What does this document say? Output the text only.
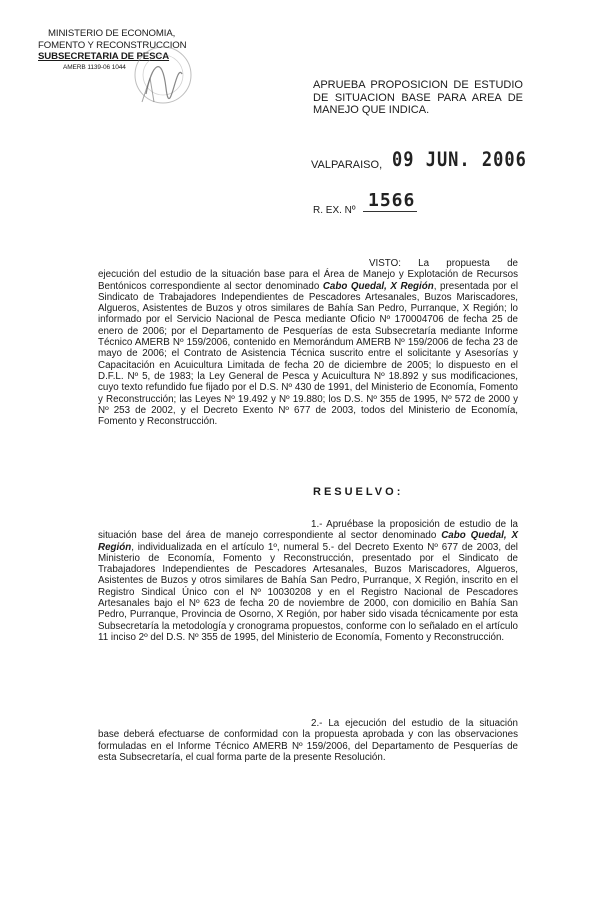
MINISTERIO DE ECONOMIA,
FOMENTO Y RECONSTRUCCION
SUBSECRETARIA DE PESCA
AMERB 1139-06 1044
APRUEBA PROPOSICION DE ESTUDIO DE SITUACION BASE PARA AREA DE MANEJO QUE INDICA.
VALPARAISO, 09 JUN. 2006
R. EX. Nº 1566
VISTO: La propuesta de ejecución del estudio de la situación base para el Área de Manejo y Explotación de Recursos Bentónicos correspondiente al sector denominado Cabo Quedal, X Región, presentada por el Sindicato de Trabajadores Independientes de Pescadores Artesanales, Buzos Mariscadores, Algueros, Asistentes de Buzos y otros similares de Bahía San Pedro, Purranque, X Región; lo informado por el Servicio Nacional de Pesca mediante Oficio Nº 170004706 de fecha 25 de enero de 2006; por el Departamento de Pesquerías de esta Subsecretaría mediante Informe Técnico AMERB Nº 159/2006, contenido en Memorándum AMERB Nº 159/2006 de fecha 23 de mayo de 2006; el Contrato de Asistencia Técnica suscrito entre el solicitante y Asesorías y Capacitación en Acuicultura Limitada de fecha 20 de diciembre de 2005; lo dispuesto en el D.F.L. Nº 5, de 1983; la Ley General de Pesca y Acuicultura Nº 18.892 y sus modificaciones, cuyo texto refundido fue fijado por el D.S. Nº 430 de 1991, del Ministerio de Economía, Fomento y Reconstrucción; las Leyes Nº 19.492 y Nº 19.880; los D.S. Nº 355 de 1995, Nº 572 de 2000 y Nº 253 de 2002, y el Decreto Exento Nº 677 de 2003, todos del Ministerio de Economía, Fomento y Reconstrucción.
RESUELVO:
1.- Apruébase la proposición de estudio de la situación base del área de manejo correspondiente al sector denominado Cabo Quedal, X Región, individualizada en el artículo 1º, numeral 5.- del Decreto Exento Nº 677 de 2003, del Ministerio de Economía, Fomento y Reconstrucción, presentado por el Sindicato de Trabajadores Independientes de Pescadores Artesanales, Buzos Mariscadores, Algueros, Asistentes de Buzos y otros similares de Bahía San Pedro, Purranque, X Región, inscrito en el Registro Sindical Único con el Nº 10030208 y en el Registro Nacional de Pescadores Artesanales bajo el Nº 623 de fecha 20 de noviembre de 2000, con domicilio en Bahía San Pedro, Purranque, Provincia de Osorno, X Región, por haber sido visada técnicamente por esta Subsecretaría la metodología y cronograma propuestos, conforme con lo señalado en el artículo 11 inciso 2º del D.S. Nº 355 de 1995, del Ministerio de Economía, Fomento y Reconstrucción.
2.- La ejecución del estudio de la situación base deberá efectuarse de conformidad con la propuesta aprobada y con las observaciones formuladas en el Informe Técnico AMERB Nº 159/2006, del Departamento de Pesquerías de esta Subsecretaría, el cual forma parte de la presente Resolución.
